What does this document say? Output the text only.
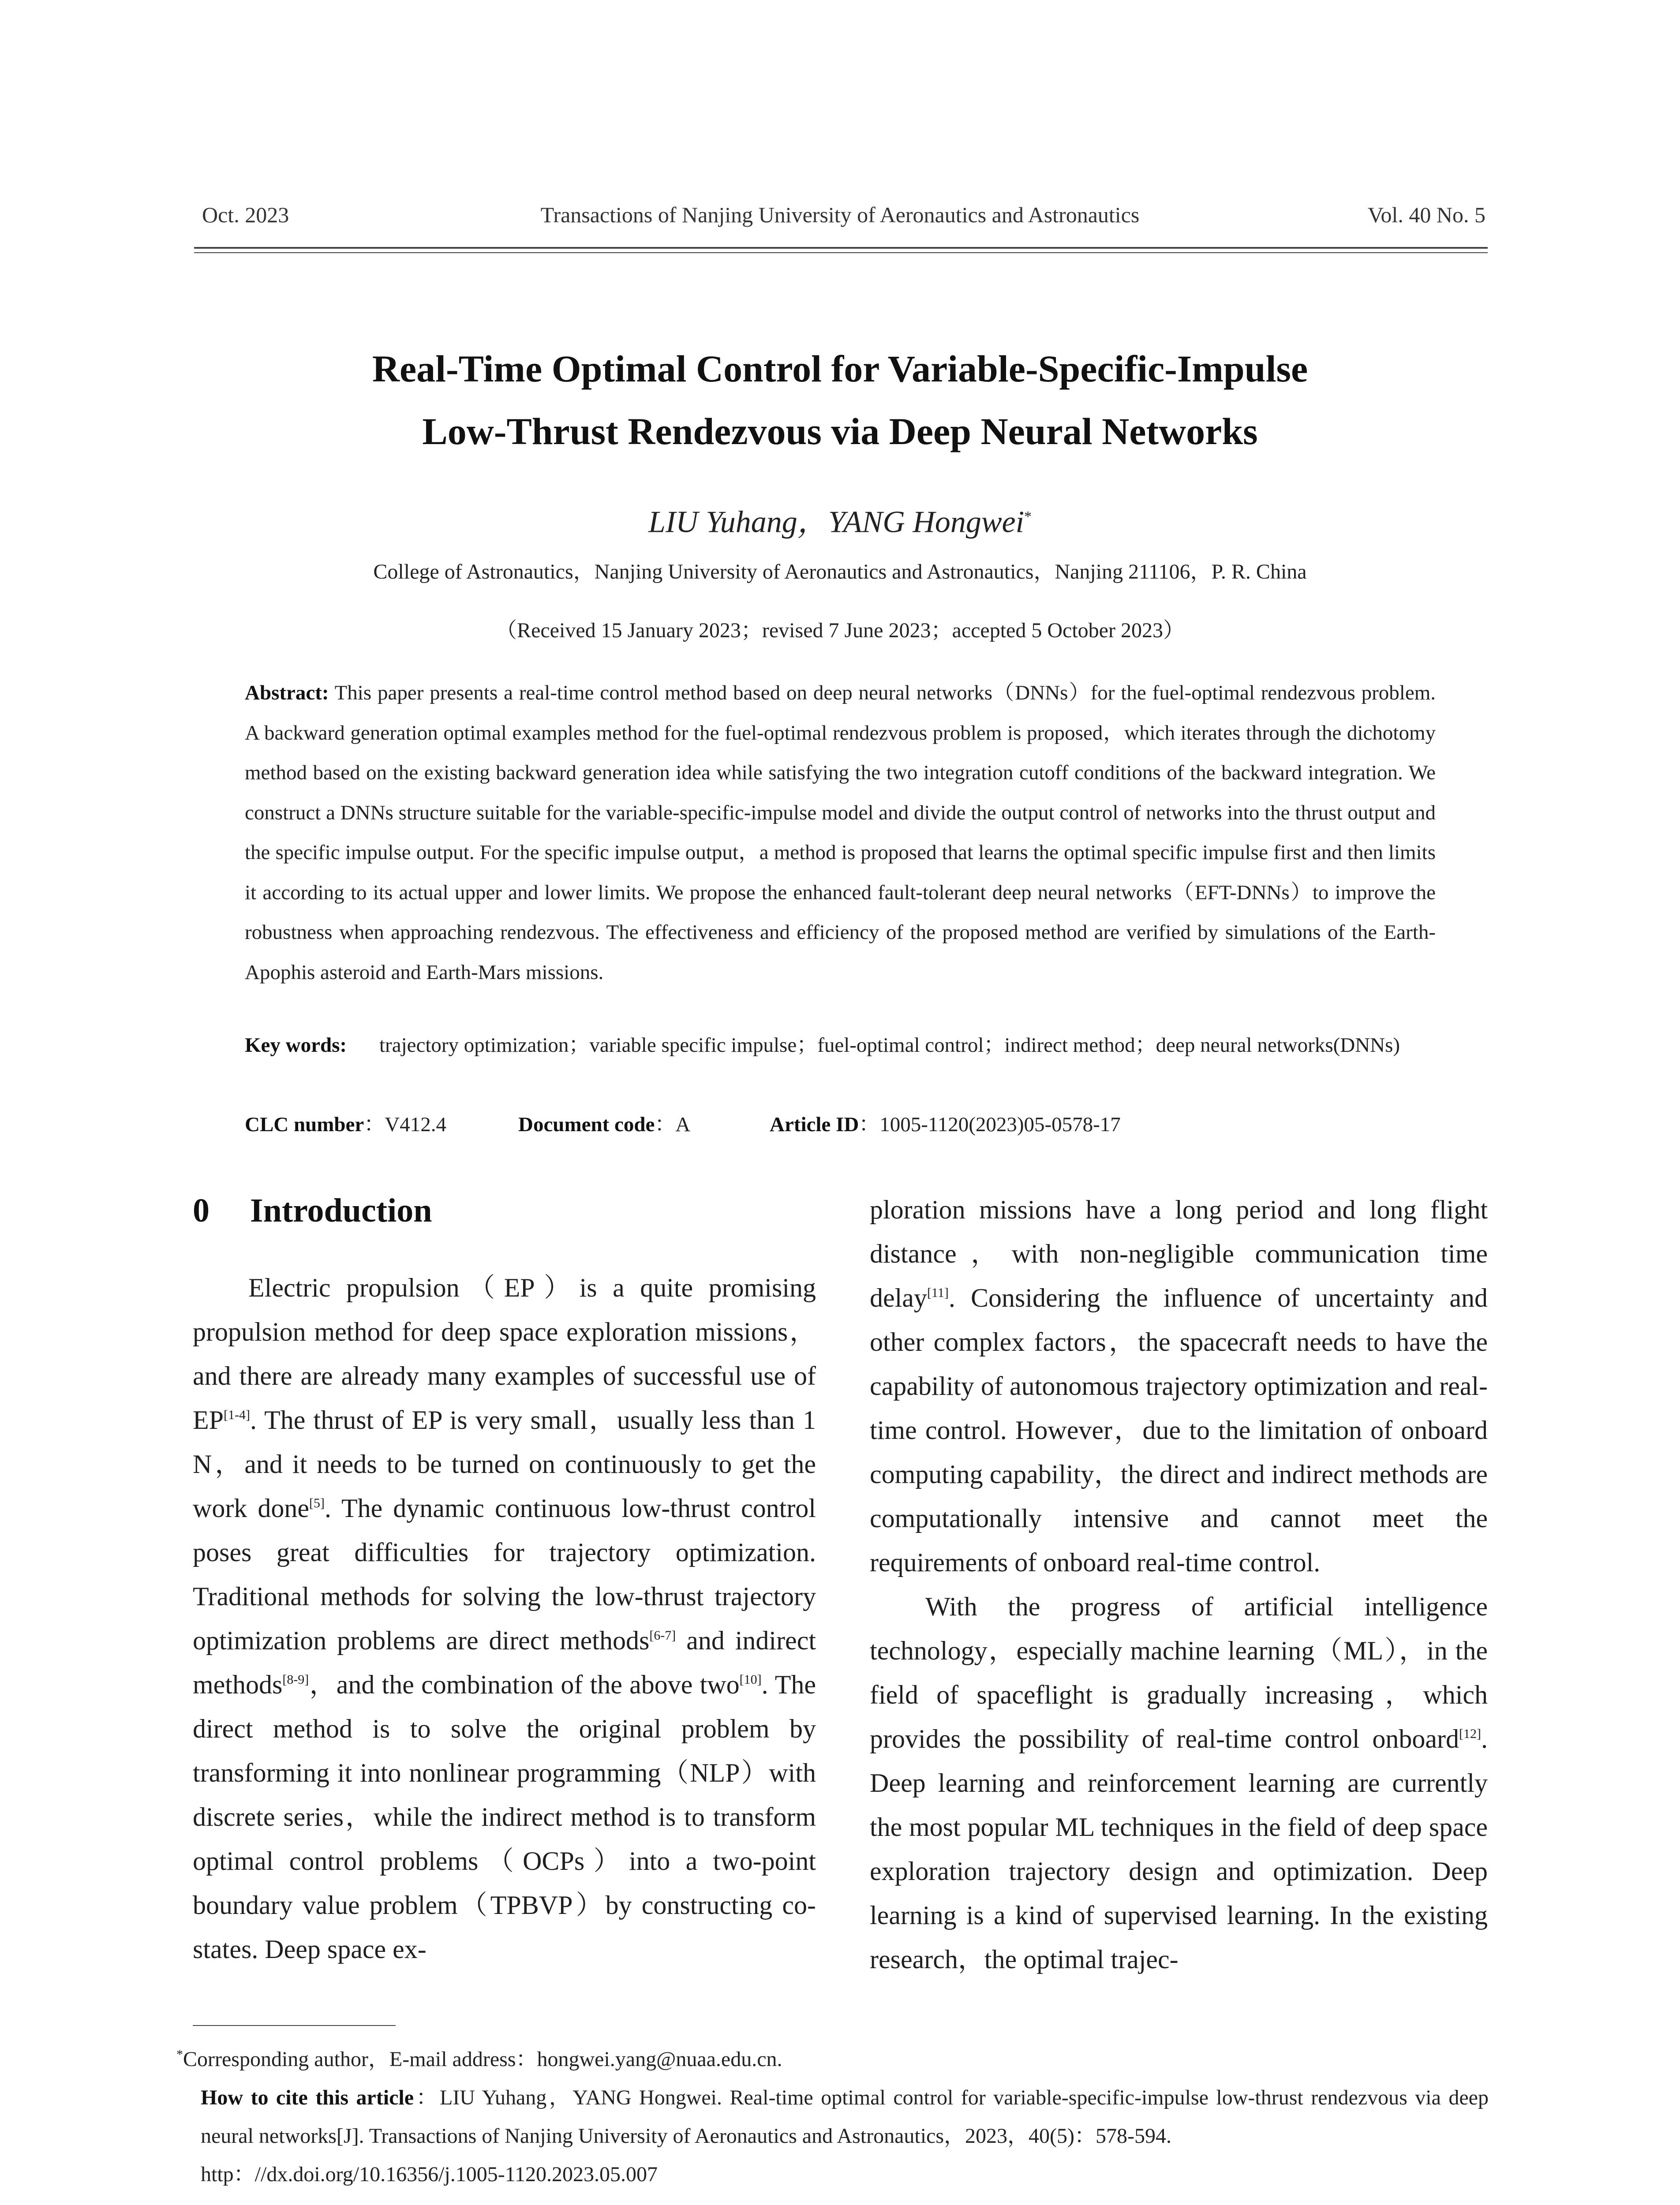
Oct. 2023	Transactions of Nanjing University of Aeronautics and Astronautics	Vol. 40 No. 5
Real-Time Optimal Control for Variable-Specific-Impulse
Low-Thrust Rendezvous via Deep Neural Networks
LIU Yuhang，YANG Hongwei*
College of Astronautics，Nanjing University of Aeronautics and Astronautics，Nanjing 211106，P. R. China
（Received 15 January 2023；revised 7 June 2023；accepted 5 October 2023）
Abstract: This paper presents a real-time control method based on deep neural networks（DNNs）for the fuel-optimal rendezvous problem. A backward generation optimal examples method for the fuel-optimal rendezvous problem is proposed，which iterates through the dichotomy method based on the existing backward generation idea while satisfying the two integration cutoff conditions of the backward integration. We construct a DNNs structure suitable for the variable-specific-impulse model and divide the output control of networks into the thrust output and the specific impulse output. For the specific impulse output，a method is proposed that learns the optimal specific impulse first and then limits it according to its actual upper and lower limits. We propose the enhanced fault-tolerant deep neural networks（EFT-DNNs）to improve the robustness when approaching rendezvous. The effectiveness and efficiency of the proposed method are verified by simulations of the Earth-Apophis asteroid and Earth-Mars missions.
Key words: trajectory optimization；variable specific impulse；fuel-optimal control；indirect method；deep neural networks(DNNs)
CLC number：V412.4	Document code：A	Article ID：1005-1120(2023)05-0578-17
0 Introduction

Electric propulsion（EP）is a quite promising propulsion method for deep space exploration missions，and there are already many examples of successful use of EP[1-4]. The thrust of EP is very small，usually less than 1 N，and it needs to be turned on continuously to get the work done[5]. The dynamic continuous low-thrust control poses great difficulties for trajectory optimization. Traditional methods for solving the low-thrust trajectory optimization problems are direct methods[6-7] and indirect methods[8-9]，and the combination of the above two[10]. The direct method is to solve the original problem by transforming it into nonlinear programming（NLP）with discrete series，while the indirect method is to transform optimal control problems（OCPs）into a two-point boundary value problem（TPBVP）by constructing co-states. Deep space ex-

ploration missions have a long period and long flight distance，with non-negligible communication time delay[11]. Considering the influence of uncertainty and other complex factors，the spacecraft needs to have the capability of autonomous trajectory optimization and real-time control. However，due to the limitation of onboard computing capability，the direct and indirect methods are computationally intensive and cannot meet the requirements of onboard real-time control.

With the progress of artificial intelligence technology，especially machine learning（ML），in the field of spaceflight is gradually increasing，which provides the possibility of real-time control onboard[12]. Deep learning and reinforcement learning are currently the most popular ML techniques in the field of deep space exploration trajectory design and optimization. Deep learning is a kind of supervised learning. In the existing research，the optimal trajec-

*Corresponding author，E-mail address：hongwei.yang@nuaa.edu.cn.

How to cite this article：LIU Yuhang，YANG Hongwei. Real-time optimal control for variable-specific-impulse low-thrust rendezvous via deep neural networks[J]. Transactions of Nanjing University of Aeronautics and Astronautics，2023，40(5)：578-594.

http：//dx.doi.org/10.16356/j.1005-1120.2023.05.007
